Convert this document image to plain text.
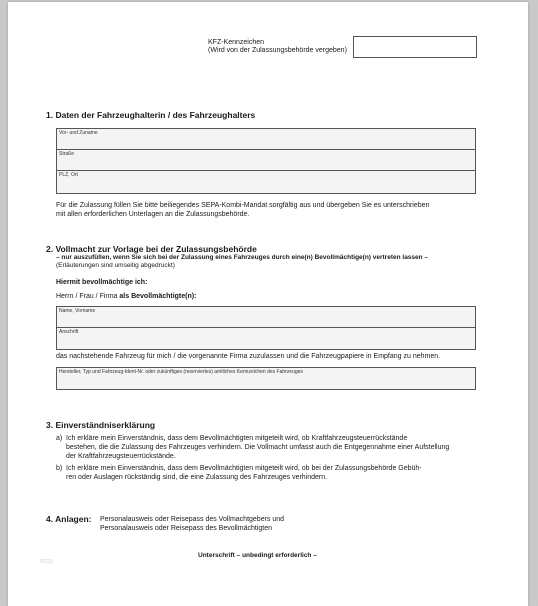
KFZ-Kennzeichen
(Wird von der Zulassungsbehörde vergeben)
1. Daten der Fahrzeughalterin / des Fahrzeughalters
Vor- und Zuname
Straße
PLZ, Ort
Für die Zulassung füllen Sie bitte beiliegendes SEPA-Kombi-Mandat sorgfältig aus und übergeben Sie es unterschrieben
mit allen erforderlichen Unterlagen an die Zulassungsbehörde.
2. Vollmacht zur Vorlage bei der Zulassungsbehörde
– nur auszufüllen, wenn Sie sich bei der Zulassung eines Fahrzeuges durch eine(n) Bevollmächtige(n) vertreten lassen –
(Erläuterungen sind umseitig abgedruckt)
Hiermit bevollmächtige ich:
Herrn / Frau / Firma als Bevollmächtigte(n):
Name, Vorname
Anschrift
das nachstehende Fahrzeug für mich / die vorgenannte Firma zuzulassen und die Fahrzeugpapiere in Empfang zu nehmen.
Hersteller, Typ und Fahrzeug-Ident-Nr. oder zukünftiges (reserviertes) amtliches Kennzeichen des Fahrzeuges
3. Einverständniserklärung
a) Ich erkläre mein Einverständnis, dass dem Bevollmächtigten mitgeteilt wird, ob Kraftfahrzeugsteuerrückstände
bestehen, die die Zulassung des Fahrzeuges verhindern. Die Vollmacht umfasst auch die Entgegennahme einer Aufstellung
der Kraftfahrzeugsteuerrückstände.
b) Ich erkläre mein Einverständnis, dass dem Bevollmächtigten mitgeteilt wird, ob bei der Zulassungsbehörde Gebüh-
ren oder Auslagen rückständig sind, die eine Zulassung des Fahrzeuges verhindern.
4. Anlagen: Personalausweis oder Reisepass des Vollmachtgebers und
Personalausweis oder Reisepass des Bevollmächtigten
Unterschrift – unbedingt erforderlich –
tccp
